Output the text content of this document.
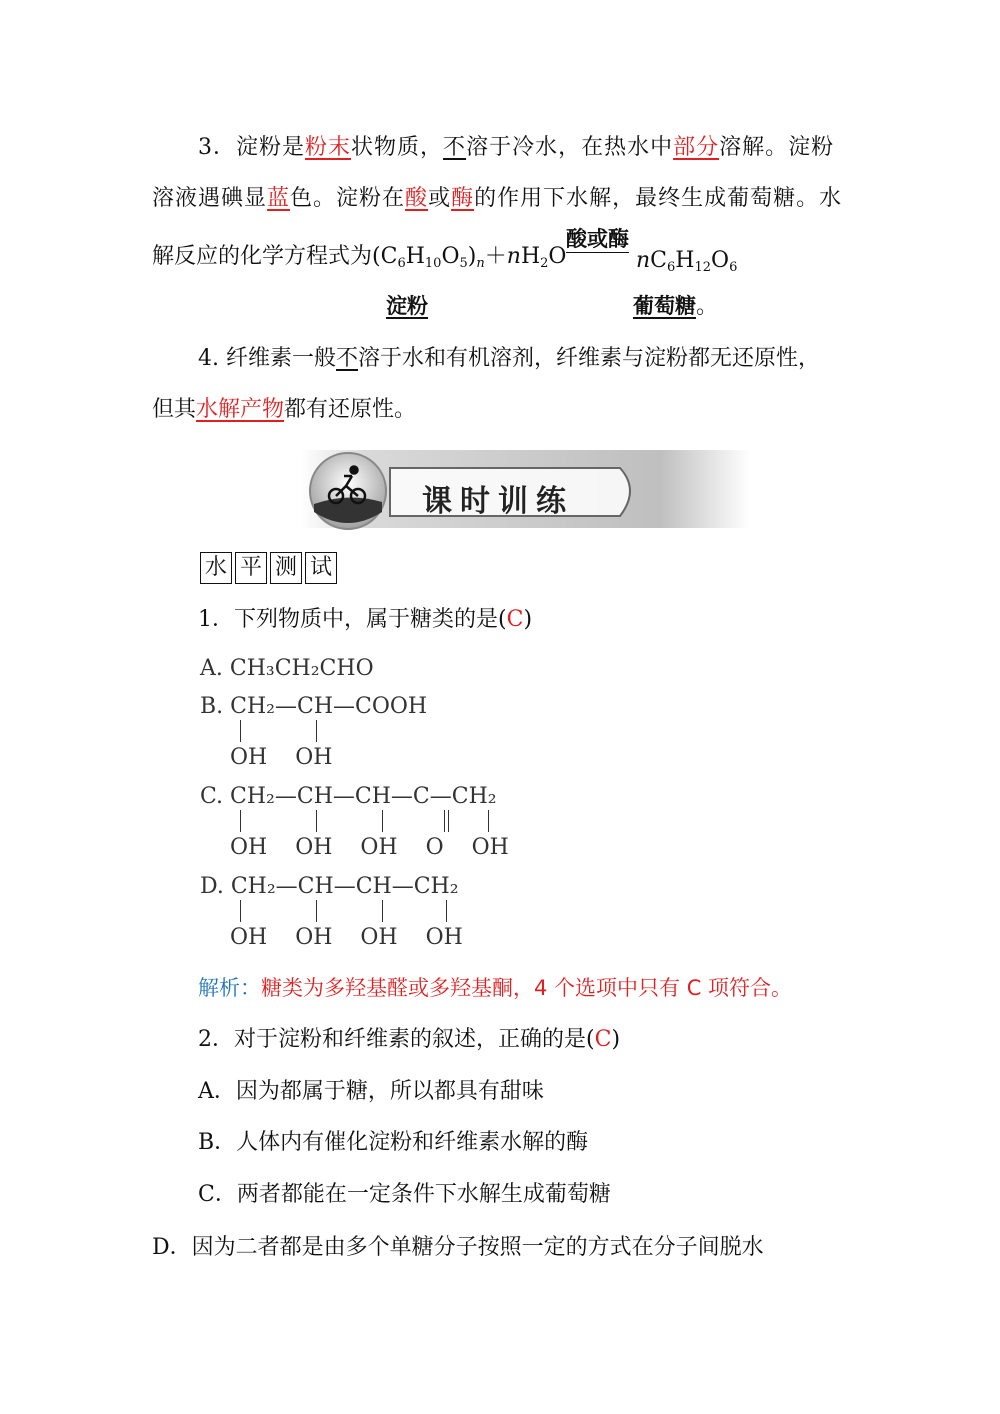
3．淀粉是粉末状物质，不溶于冷水，在热水中部分溶解。淀粉
溶液遇碘显蓝色。淀粉在酸或酶的作用下水解，最终生成葡萄糖。水
解反应的化学方程式为$(C_6H_{10}O_5)_n+nH_2O$
酸或酶
$nC_6H_{12}O_6$
淀粉	葡萄糖。
4. 纤维素一般不溶于水和有机溶剂，纤维素与淀粉都无还原性，
但其水解产物都有还原性。
课时训练
水 平 测 试
1．下列物质中，属于糖类的是(C)
A. CH₃CH₂CHO
B. CH₂—CH—COOH
OH    OH
C. CH₂—CH—CH—C—CH₂
OH    OH    OH    O    OH
D. CH₂—CH—CH—CH₂
OH    OH    OH    OH
解析：糖类为多羟基醛或多羟基酮，4 个选项中只有 C 项符合。
2．对于淀粉和纤维素的叙述，正确的是(C)
A．因为都属于糖，所以都具有甜味
B．人体内有催化淀粉和纤维素水解的酶
C．两者都能在一定条件下水解生成葡萄糖
D．因为二者都是由多个单糖分子按照一定的方式在分子间脱水
